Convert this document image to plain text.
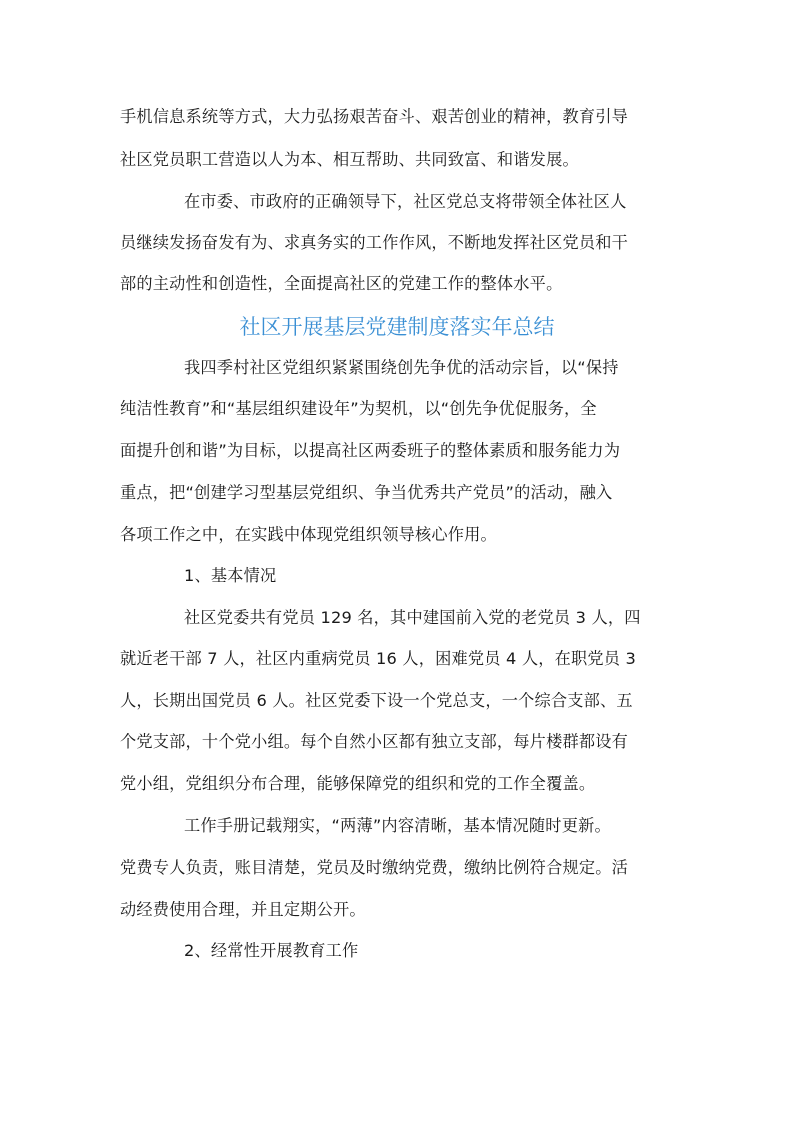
手机信息系统等方式，大力弘扬艰苦奋斗、艰苦创业的精神，教育引导
社区党员职工营造以人为本、相互帮助、共同致富、和谐发展。
在市委、市政府的正确领导下，社区党总支将带领全体社区人
员继续发扬奋发有为、求真务实的工作作风，不断地发挥社区党员和干
部的主动性和创造性，全面提高社区的党建工作的整体水平。
社区开展基层党建制度落实年总结
我四季村社区党组织紧紧围绕创先争优的活动宗旨，以“保持
纯洁性教育”和“基层组织建设年”为契机，以“创先争优促服务，全
面提升创和谐”为目标，以提高社区两委班子的整体素质和服务能力为
重点，把“创建学习型基层党组织、争当优秀共产党员”的活动，融入
各项工作之中，在实践中体现党组织领导核心作用。
1、基本情况
社区党委共有党员 129 名，其中建国前入党的老党员 3 人，四
就近老干部 7 人，社区内重病党员 16 人，困难党员 4 人，在职党员 3
人，长期出国党员 6 人。社区党委下设一个党总支，一个综合支部、五
个党支部，十个党小组。每个自然小区都有独立支部，每片楼群都设有
党小组，党组织分布合理，能够保障党的组织和党的工作全覆盖。
工作手册记载翔实，“两薄”内容清晰，基本情况随时更新。
党费专人负责，账目清楚，党员及时缴纳党费，缴纳比例符合规定。活
动经费使用合理，并且定期公开。
2、经常性开展教育工作
